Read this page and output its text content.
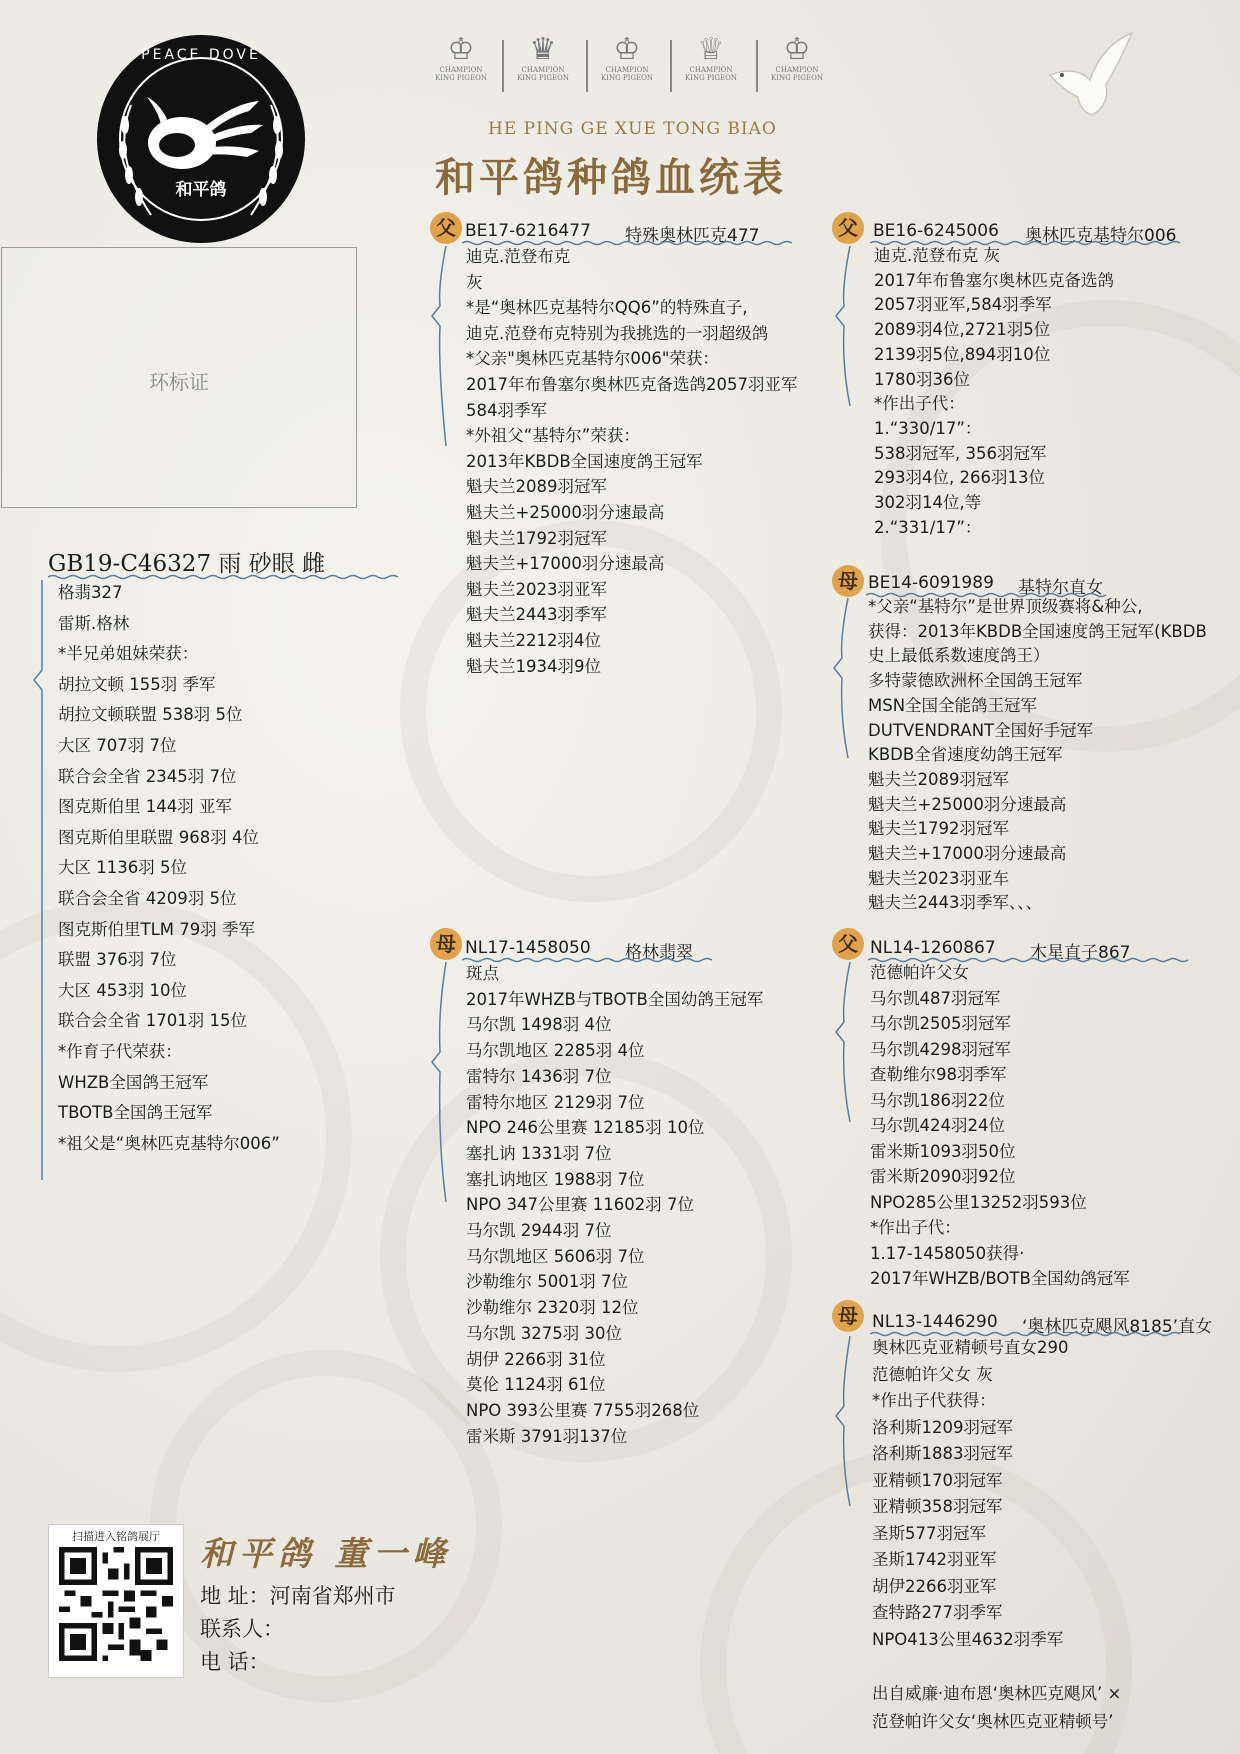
PEACE DOVE
和平鸽
♔
CHAMPION
KING PIGEON
♛
CHAMPION
KING PIGEON
♔
CHAMPION
KING PIGEON
♕
CHAMPION
KING PIGEON
♔
CHAMPION
KING PIGEON
HE PING GE XUE TONG BIAO
和平鸽种鸽血统表
环标证
GB19-C46327 雨 砂眼 雌
格翡327
雷斯.格林
*半兄弟姐妹荣获：
胡拉文顿 155羽 季军
胡拉文顿联盟 538羽 5位
大区 707羽 7位
联合会全省 2345羽 7位
图克斯伯里 144羽 亚军
图克斯伯里联盟 968羽 4位
大区 1136羽 5位
联合会全省 4209羽 5位
图克斯伯里TLM 79羽 季军
联盟 376羽 7位
大区 453羽 10位
联合会全省 1701羽 15位
*作育子代荣获：
WHZB全国鸽王冠军
TBOTB全国鸽王冠军
*祖父是“奥林匹克基特尔006”
父 BE17-6216477 特殊奥林匹克477
迪克.范登布克
灰
*是“奥林匹克基特尔QQ6”的特殊直子,
迪克.范登布克特别为我挑选的一羽超级鸽
*父亲"奥林匹克基特尔006"荣获：
2017年布鲁塞尔奥林匹克备选鸽2057羽亚军
584羽季军
*外祖父“基特尔”荣获：
2013年KBDB全国速度鸽王冠军
魁夫兰2089羽冠军
魁夫兰+25000羽分速最高
魁夫兰1792羽冠军
魁夫兰+17000羽分速最高
魁夫兰2023羽亚军
魁夫兰2443羽季军
魁夫兰2212羽4位
魁夫兰1934羽9位
母 NL17-1458050 格林翡翠
斑点
2017年WHZB与TBOTB全国幼鸽王冠军
马尔凯 1498羽 4位
马尔凯地区 2285羽 4位
雷特尔 1436羽 7位
雷特尔地区 2129羽 7位
NPO 246公里赛 12185羽 10位
塞扎讷 1331羽 7位
塞扎讷地区 1988羽 7位
NPO 347公里赛 11602羽 7位
马尔凯 2944羽 7位
马尔凯地区 5606羽 7位
沙勒维尔 5001羽 7位
沙勒维尔 2320羽 12位
马尔凯 3275羽 30位
胡伊 2266羽 31位
莫伦 1124羽 61位
NPO 393公里赛 7755羽268位
雷米斯 3791羽137位
父 BE16-6245006 奥林匹克基特尔006
迪克.范登布克 灰
2017年布鲁塞尔奥林匹克备选鸽
2057羽亚军,584羽季军
2089羽4位,2721羽5位
2139羽5位,894羽10位
1780羽36位
*作出子代：
1.“330/17”：
538羽冠军, 356羽冠军
293羽4位, 266羽13位
302羽14位,等
2.“331/17”：
母 BE14-6091989 基特尔直女
*父亲“基特尔”是世界顶级赛将&种公,
获得：2013年KBDB全国速度鸽王冠军(KBDB
史上最低系数速度鸽王）
多特蒙德欧洲杯全国鸽王冠军
MSN全国全能鸽王冠军
DUTVENDRANT全国好手冠军
KBDB全省速度幼鸽王冠军
魁夫兰2089羽冠军
魁夫兰+25000羽分速最高
魁夫兰1792羽冠军
魁夫兰+17000羽分速最高
魁夫兰2023羽亚车
魁夫兰2443羽季军、、、
父 NL14-1260867 木星直子867
范德帕许父女
马尔凯487羽冠军
马尔凯2505羽冠军
马尔凯4298羽冠军
查勒维尔98羽季军
马尔凯186羽22位
马尔凯424羽24位
雷米斯1093羽50位
雷米斯2090羽92位
NPO285公里13252羽593位
*作出子代：
1.17-1458050获得·
2017年WHZB/BOTB全国幼鸽冠军
母 NL13-1446290 ‘奥林匹克飓风8185’直女
奥林匹克亚精顿号直女290
范德帕许父女 灰
*作出子代获得：
洛利斯1209羽冠军
洛利斯1883羽冠军
亚精顿170羽冠军
亚精顿358羽冠军
圣斯577羽冠军
圣斯1742羽亚军
胡伊2266羽亚军
查特路277羽季军
NPO413公里4632羽季军
出自威廉·迪布恩‘奥林匹克飓风’ ×
范登帕许父女‘奥林匹克亚精顿号’
扫描进入铭鸽展厅	和平鸽 董一峰
地 址：河南省郑州市
联系人：
电 话：
